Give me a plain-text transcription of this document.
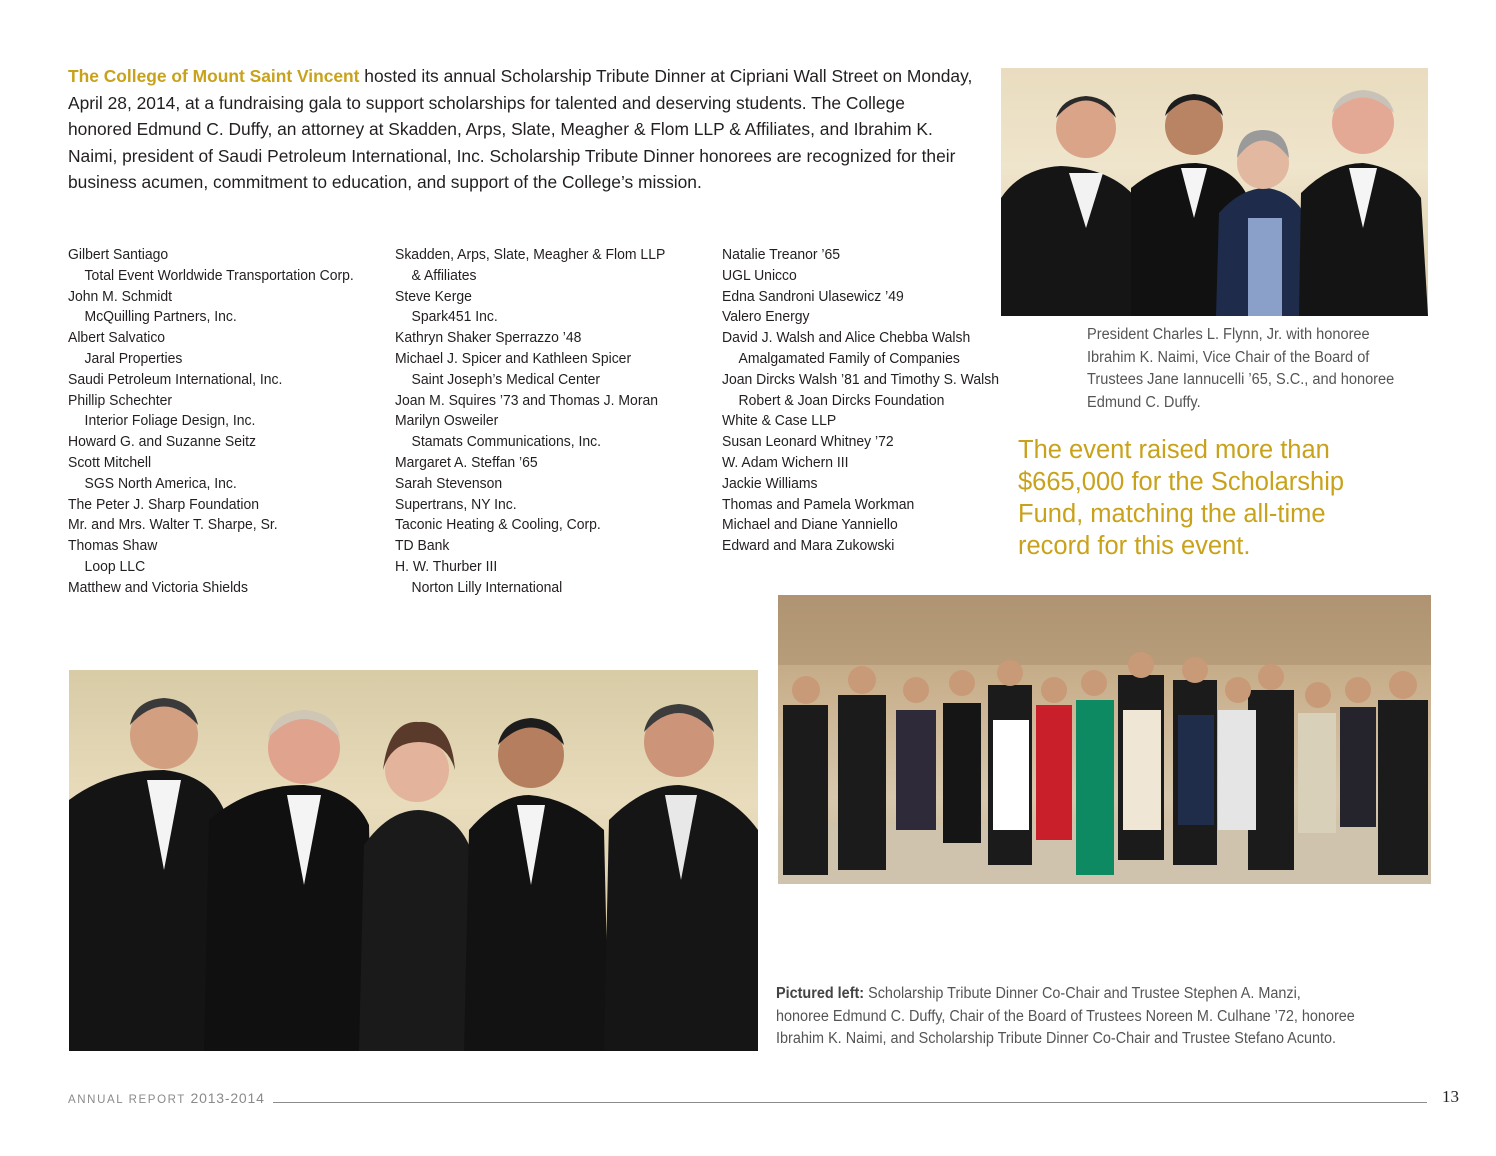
The College of Mount Saint Vincent hosted its annual Scholarship Tribute Dinner at Cipriani Wall Street on Monday, April 28, 2014, at a fundraising gala to support scholarships for talented and deserving students. The College honored Edmund C. Duffy, an attorney at Skadden, Arps, Slate, Meagher & Flom LLP & Affiliates, and Ibrahim K. Naimi, president of Saudi Petroleum International, Inc. Scholarship Tribute Dinner honorees are recognized for their business acumen, commitment to education, and support of the College’s mission.

Gilbert Santiago
Total Event Worldwide Transportation Corp.
John M. Schmidt
McQuilling Partners, Inc.
Albert Salvatico
Jaral Properties
Saudi Petroleum International, Inc.
Phillip Schechter
Interior Foliage Design, Inc.
Howard G. and Suzanne Seitz
Scott Mitchell
SGS North America, Inc.
The Peter J. Sharp Foundation
Mr. and Mrs. Walter T. Sharpe, Sr.
Thomas Shaw
Loop LLC
Matthew and Victoria Shields
Skadden, Arps, Slate, Meagher & Flom LLP
& Affiliates
Steve Kerge
Spark451 Inc.
Kathryn Shaker Sperrazzo ’48
Michael J. Spicer and Kathleen Spicer
Saint Joseph’s Medical Center
Joan M. Squires ’73 and Thomas J. Moran
Marilyn Osweiler
Stamats Communications, Inc.
Margaret A. Steffan ’65
Sarah Stevenson
Supertrans, NY Inc.
Taconic Heating & Cooling, Corp.
TD Bank
H. W. Thurber III
Norton Lilly International
Natalie Treanor ’65
UGL Unicco
Edna Sandroni Ulasewicz ’49
Valero Energy
David J. Walsh and Alice Chebba Walsh
Amalgamated Family of Companies
Joan Dircks Walsh ’81 and Timothy S. Walsh
Robert & Joan Dircks Foundation
White & Case LLP
Susan Leonard Whitney ’72
W. Adam Wichern III
Jackie Williams
Thomas and Pamela Workman
Michael and Diane Yanniello
Edward and Mara Zukowski
President Charles L. Flynn, Jr. with honoree Ibrahim K. Naimi, Vice Chair of the Board of Trustees Jane Iannucelli ’65, S.C., and honoree Edmund C. Duffy.
The event raised more than
$665,000 for the Scholarship
Fund, matching the all-time
record for this event.
Pictured left: Scholarship Tribute Dinner Co-Chair and Trustee Stephen A. Manzi,
honoree Edmund C. Duffy, Chair of the Board of Trustees Noreen M. Culhane ’72, honoree
Ibrahim K. Naimi, and Scholarship Tribute Dinner Co-Chair and Trustee Stefano Acunto.
ANNUAL REPORT 2013-2014	13
